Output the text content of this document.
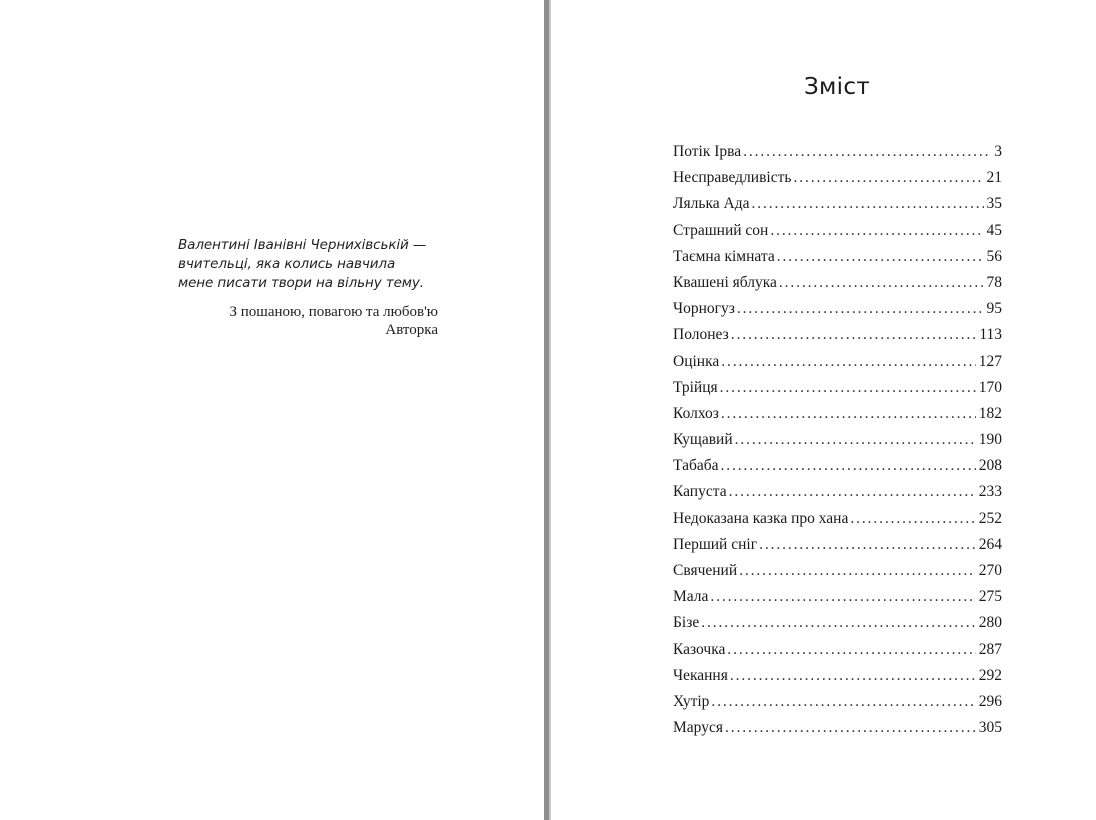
Валентині Іванівні Чернихівській —
вчительці, яка колись навчила
мене писати твори на вільну тему.
З пошаною, повагою та любов'ю
Авторка
Зміст
Потік Ірва . . .	3
Несправедливість . . .	21
Лялька Ада . . .	35
Страшний сон . . .	45
Таємна кімната . . .	56
Квашені яблука . . .	78
Чорногуз . . .	95
Полонез . . .	113
Оцінка . . .	127
Трійця . . .	170
Колхоз . . .	182
Кущавий . . .	190
Табаба . . .	208
Капуста . . .	233
Недоказана казка про хана . . .	252
Перший сніг . . .	264
Свячений . . .	270
Мала . . .	275
Бізе . . .	280
Казочка . . .	287
Чекання . . .	292
Хутір . . .	296
Маруся . . .	305
